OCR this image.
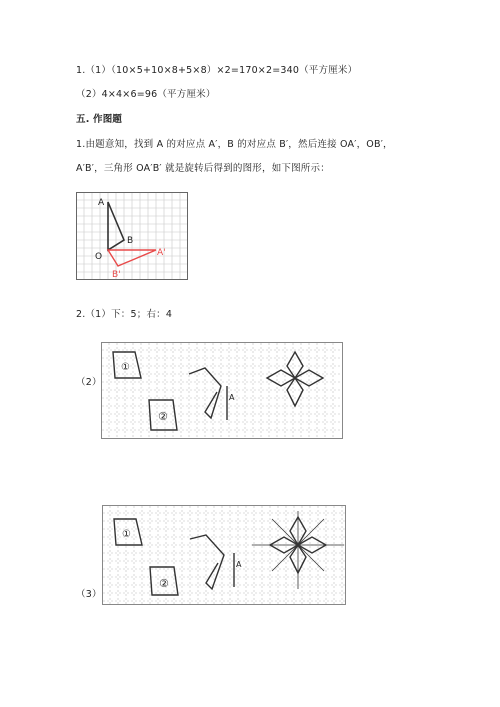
1.（1）（10×5+10×8+5×8）×2=170×2=340（平方厘米）
（2）4×4×6=96（平方厘米）
五. 作图题
1.由题意知，找到 A 的对应点 A′，B 的对应点 B′，然后连接 OA′，OB′，
A′B′，三角形 OA′B′ 就是旋转后得到的图形，如下图所示：
A
B
O	A'
B'
2.（1）下：5；右：4
（2）
①
②
A
①
②
A
（3）
